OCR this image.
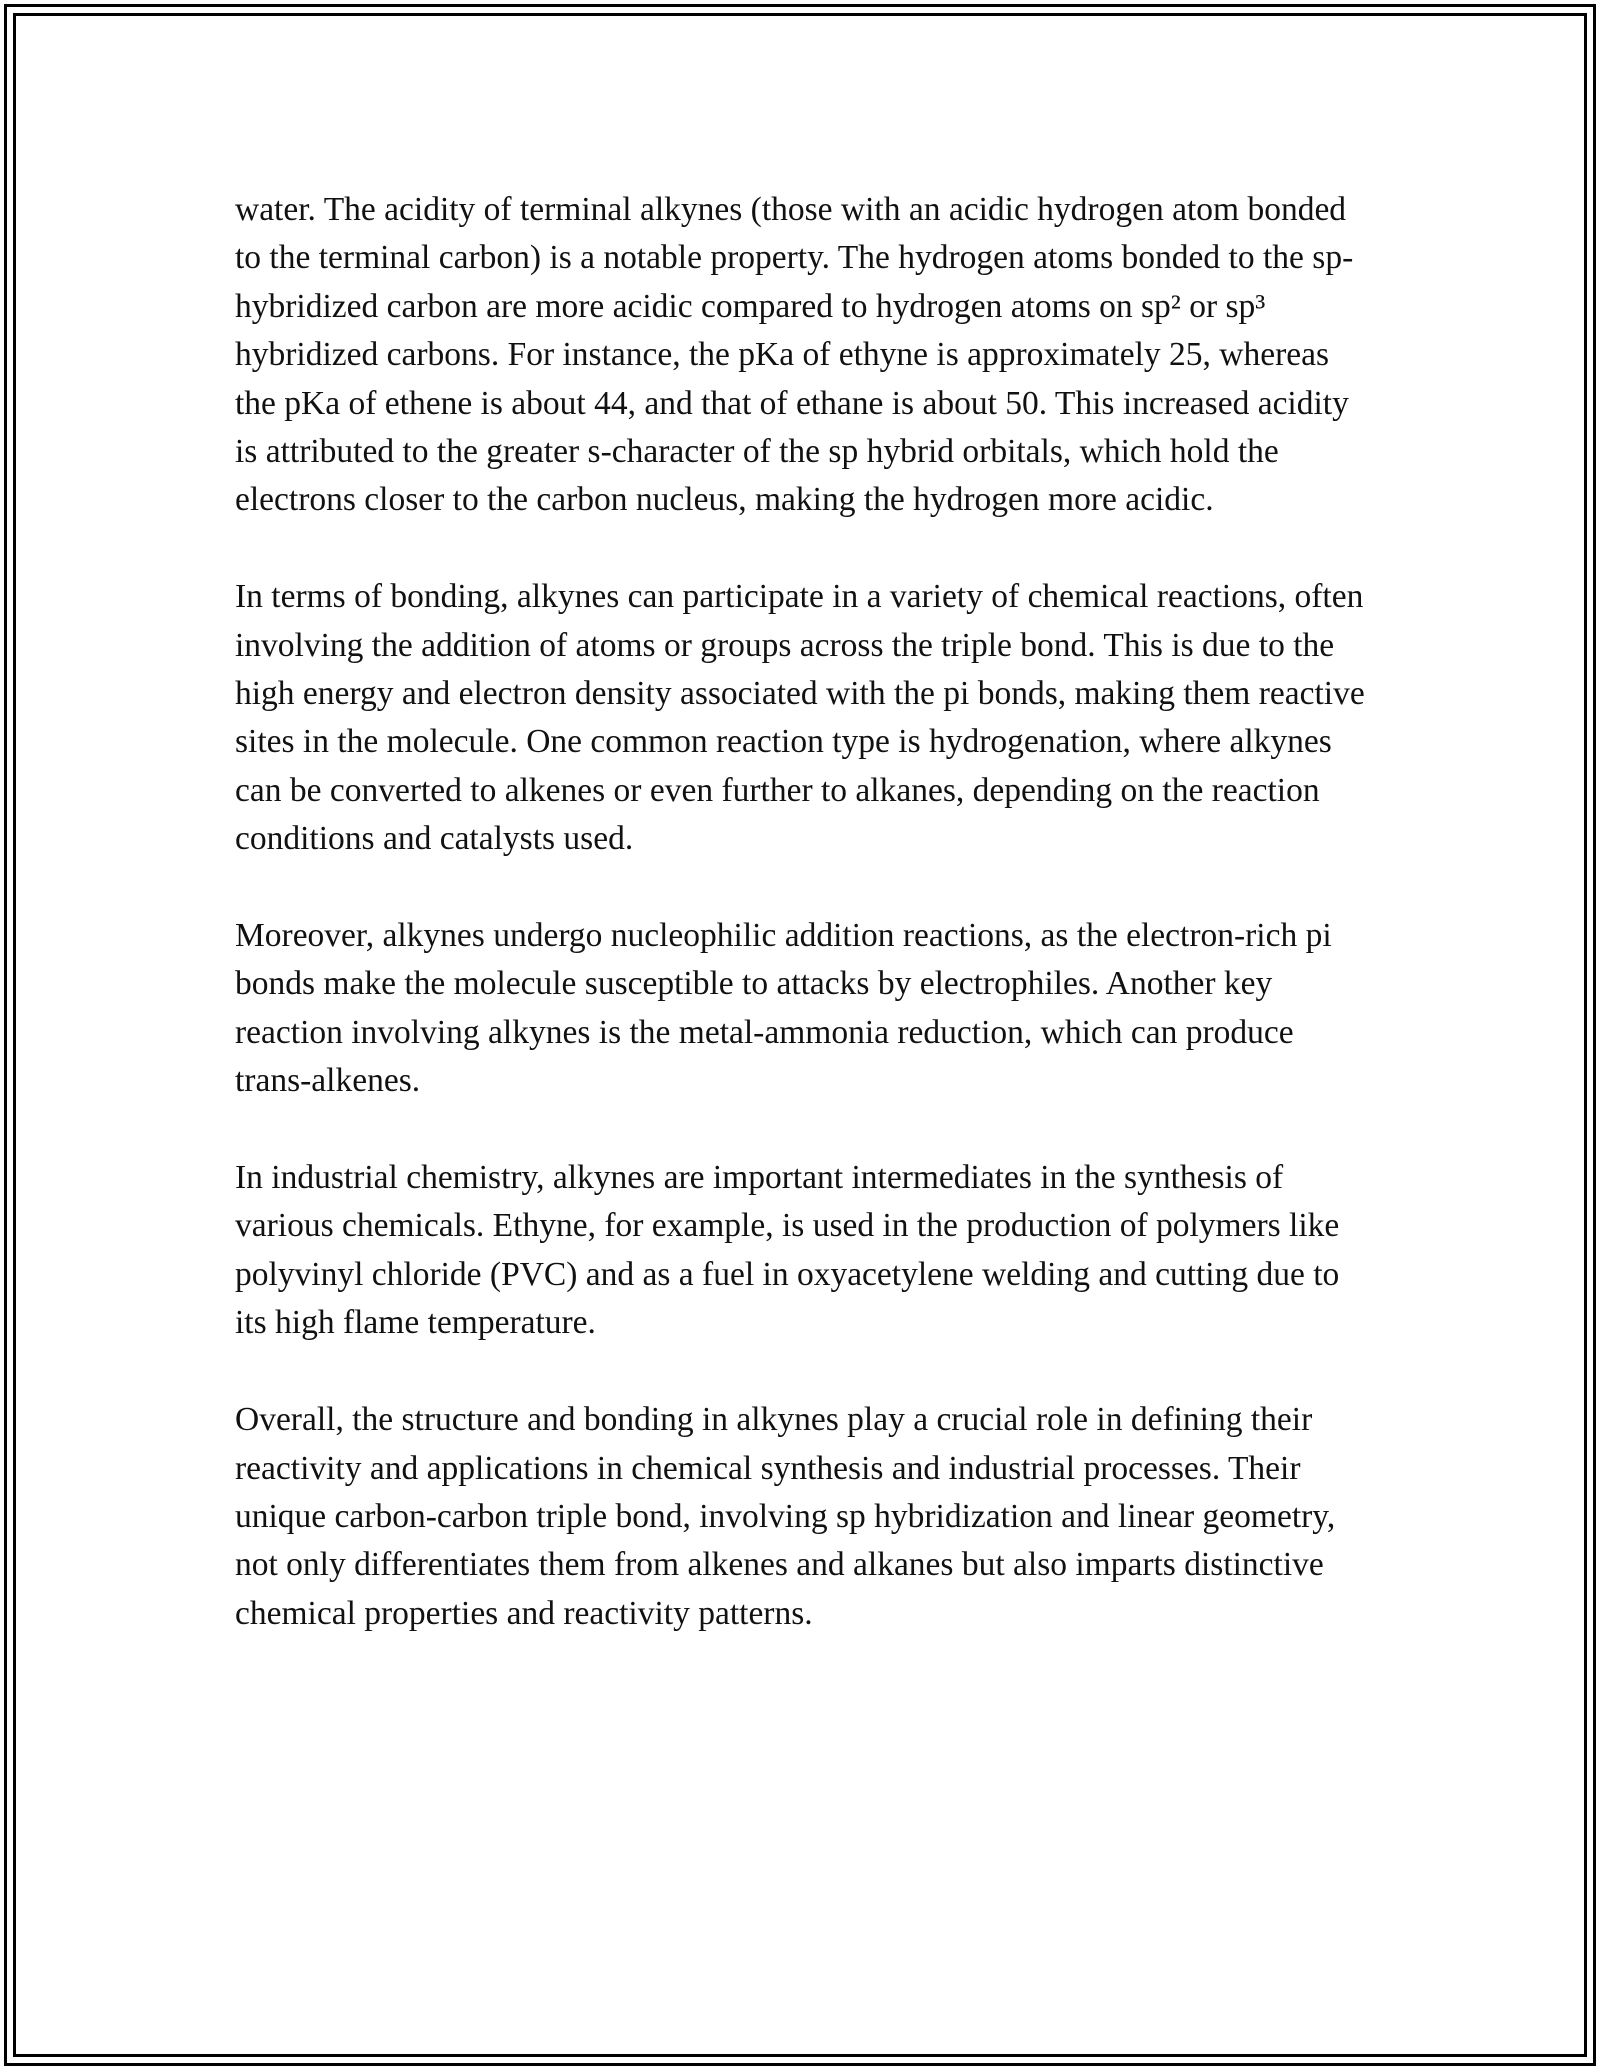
water. The acidity of terminal alkynes (those with an acidic hydrogen atom bonded to the terminal carbon) is a notable property. The hydrogen atoms bonded to the sp-hybridized carbon are more acidic compared to hydrogen atoms on sp² or sp³ hybridized carbons. For instance, the pKa of ethyne is approximately 25, whereas the pKa of ethene is about 44, and that of ethane is about 50. This increased acidity is attributed to the greater s-character of the sp hybrid orbitals, which hold the electrons closer to the carbon nucleus, making the hydrogen more acidic.

In terms of bonding, alkynes can participate in a variety of chemical reactions, often involving the addition of atoms or groups across the triple bond. This is due to the high energy and electron density associated with the pi bonds, making them reactive sites in the molecule. One common reaction type is hydrogenation, where alkynes can be converted to alkenes or even further to alkanes, depending on the reaction conditions and catalysts used.

Moreover, alkynes undergo nucleophilic addition reactions, as the electron-rich pi bonds make the molecule susceptible to attacks by electrophiles. Another key reaction involving alkynes is the metal-ammonia reduction, which can produce trans-alkenes.

In industrial chemistry, alkynes are important intermediates in the synthesis of various chemicals. Ethyne, for example, is used in the production of polymers like polyvinyl chloride (PVC) and as a fuel in oxyacetylene welding and cutting due to its high flame temperature.

Overall, the structure and bonding in alkynes play a crucial role in defining their reactivity and applications in chemical synthesis and industrial processes. Their unique carbon-carbon triple bond, involving sp hybridization and linear geometry, not only differentiates them from alkenes and alkanes but also imparts distinctive chemical properties and reactivity patterns.
